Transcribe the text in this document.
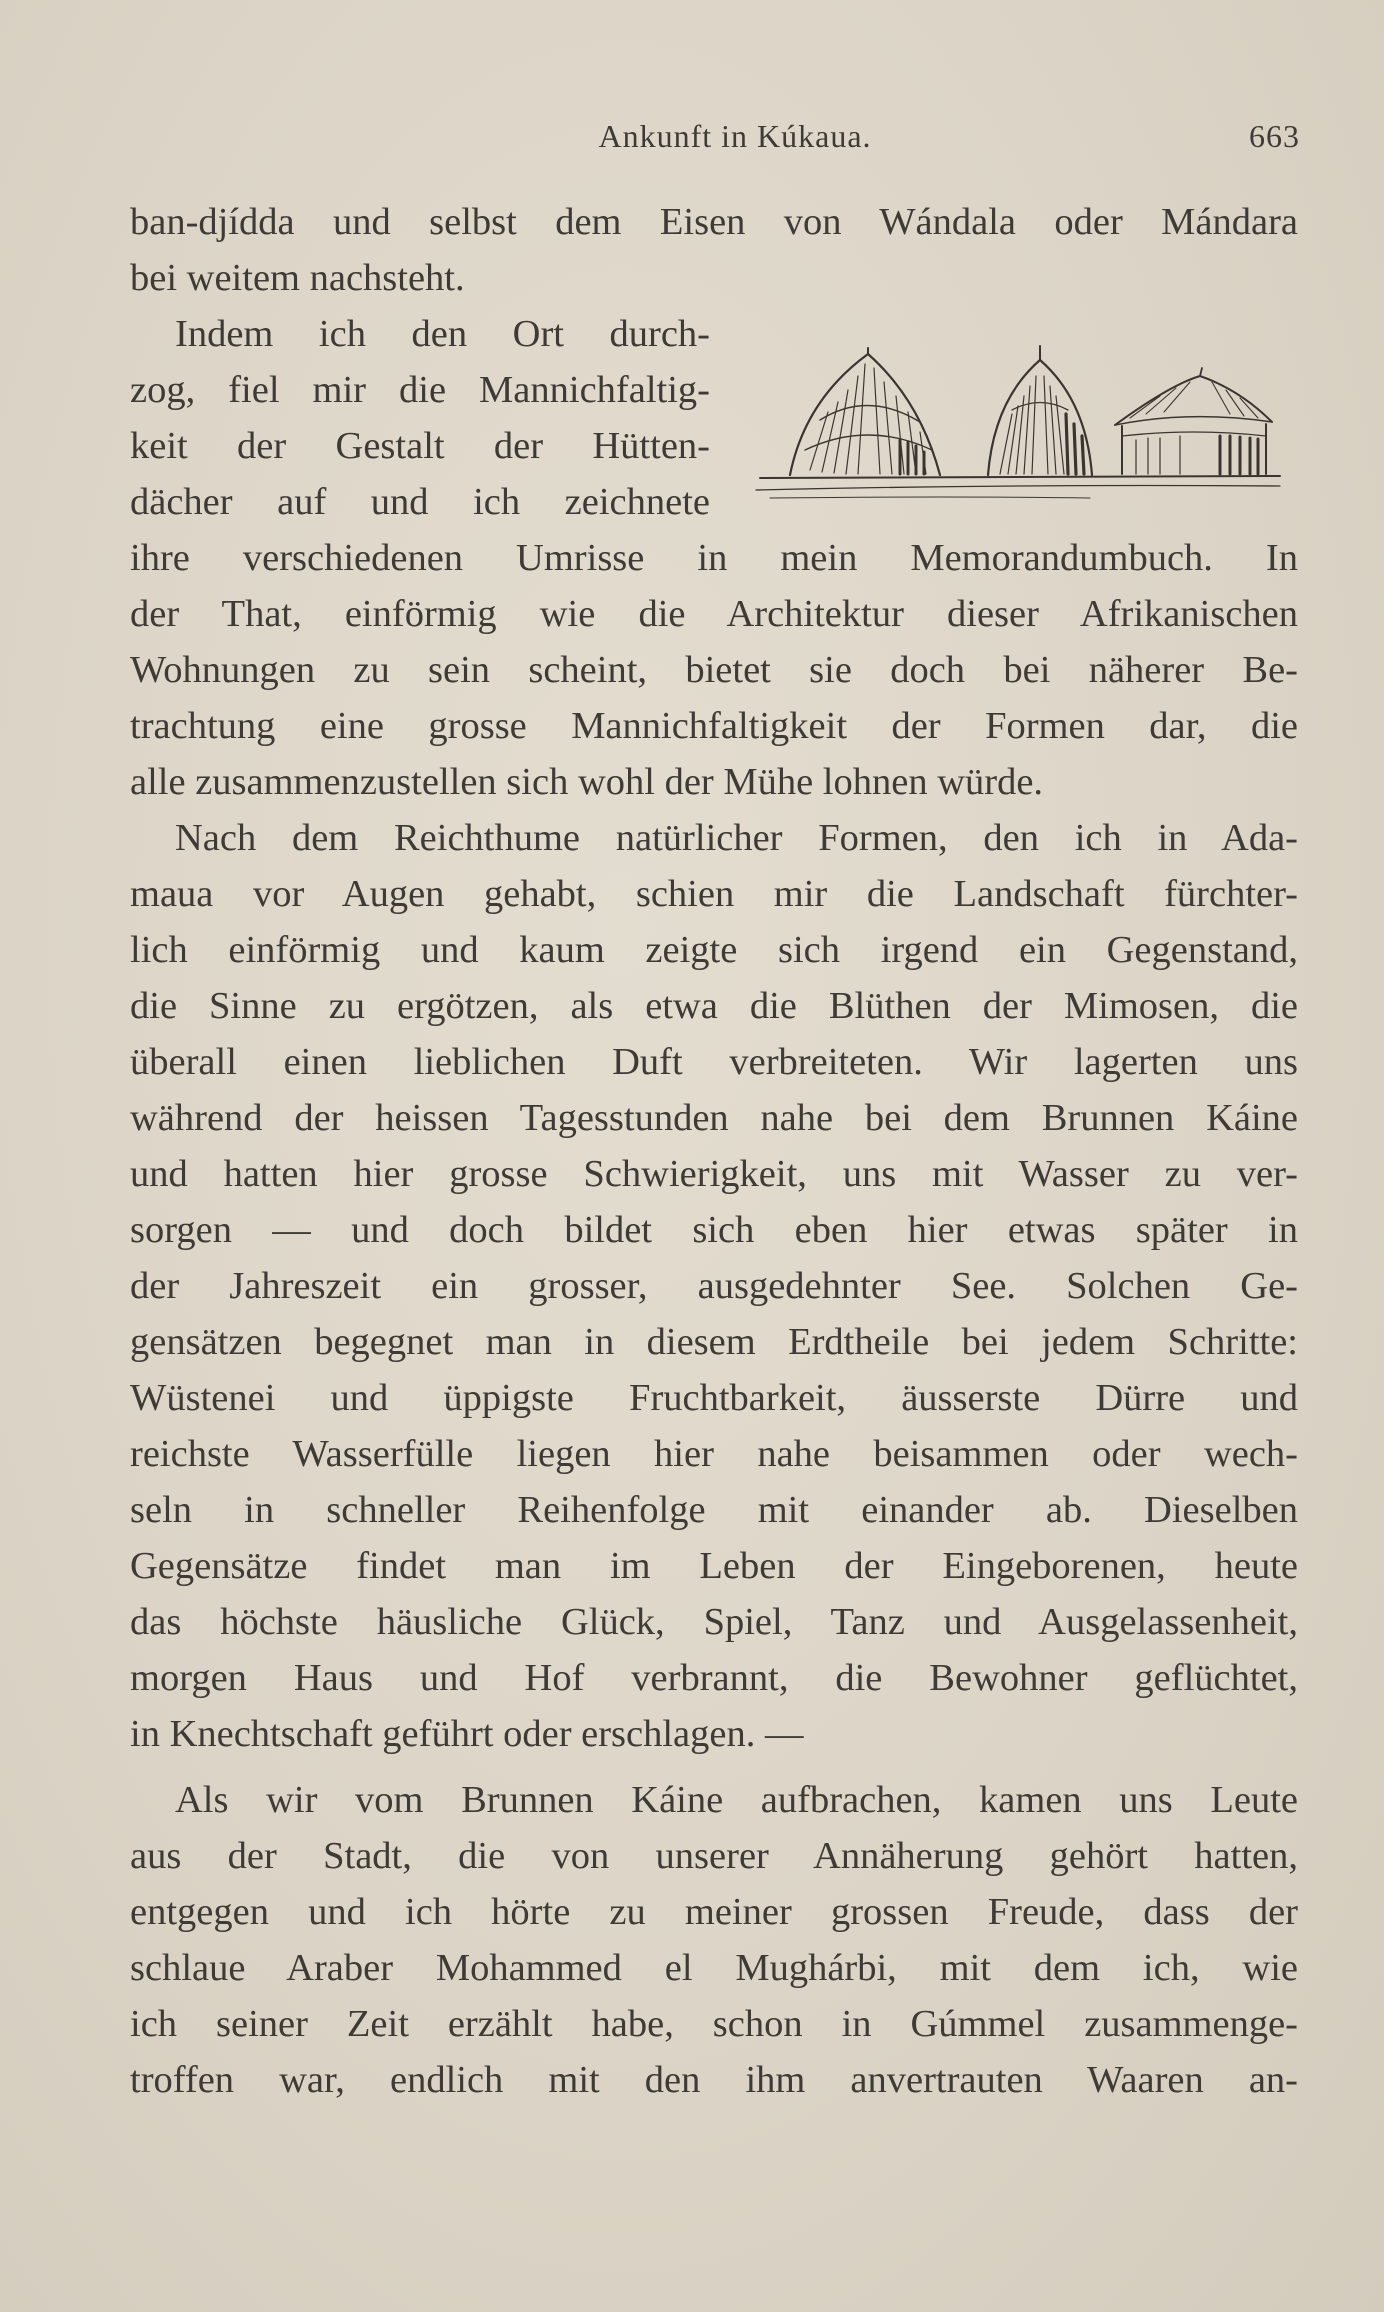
Ankunft in Kúkaua.	663
ban-djídda und selbst dem Eisen von Wándala oder Mándara
bei weitem nachsteht.
Indem ich den Ort durch-
zog, fiel mir die Mannichfaltig-
keit der Gestalt der Hütten-
dächer auf und ich zeichnete
ihre verschiedenen Umrisse in mein Memorandumbuch. In
der That, einförmig wie die Architektur dieser Afrikanischen
Wohnungen zu sein scheint, bietet sie doch bei näherer Be-
trachtung eine grosse Mannichfaltigkeit der Formen dar, die
alle zusammenzustellen sich wohl der Mühe lohnen würde.
Nach dem Reichthume natürlicher Formen, den ich in Ada-
maua vor Augen gehabt, schien mir die Landschaft fürchter-
lich einförmig und kaum zeigte sich irgend ein Gegenstand,
die Sinne zu ergötzen, als etwa die Blüthen der Mimosen, die
überall einen lieblichen Duft verbreiteten. Wir lagerten uns
während der heissen Tagesstunden nahe bei dem Brunnen Káine
und hatten hier grosse Schwierigkeit, uns mit Wasser zu ver-
sorgen — und doch bildet sich eben hier etwas später in
der Jahreszeit ein grosser, ausgedehnter See. Solchen Ge-
gensätzen begegnet man in diesem Erdtheile bei jedem Schritte:
Wüstenei und üppigste Fruchtbarkeit, äusserste Dürre und
reichste Wasserfülle liegen hier nahe beisammen oder wech-
seln in schneller Reihenfolge mit einander ab. Dieselben
Gegensätze findet man im Leben der Eingeborenen, heute
das höchste häusliche Glück, Spiel, Tanz und Ausgelassenheit,
morgen Haus und Hof verbrannt, die Bewohner geflüchtet,
in Knechtschaft geführt oder erschlagen. —
Als wir vom Brunnen Káine aufbrachen, kamen uns Leute
aus der Stadt, die von unserer Annäherung gehört hatten,
entgegen und ich hörte zu meiner grossen Freude, dass der
schlaue Araber Mohammed el Mughárbi, mit dem ich, wie
ich seiner Zeit erzählt habe, schon in Gúmmel zusammenge-
troffen war, endlich mit den ihm anvertrauten Waaren an-
